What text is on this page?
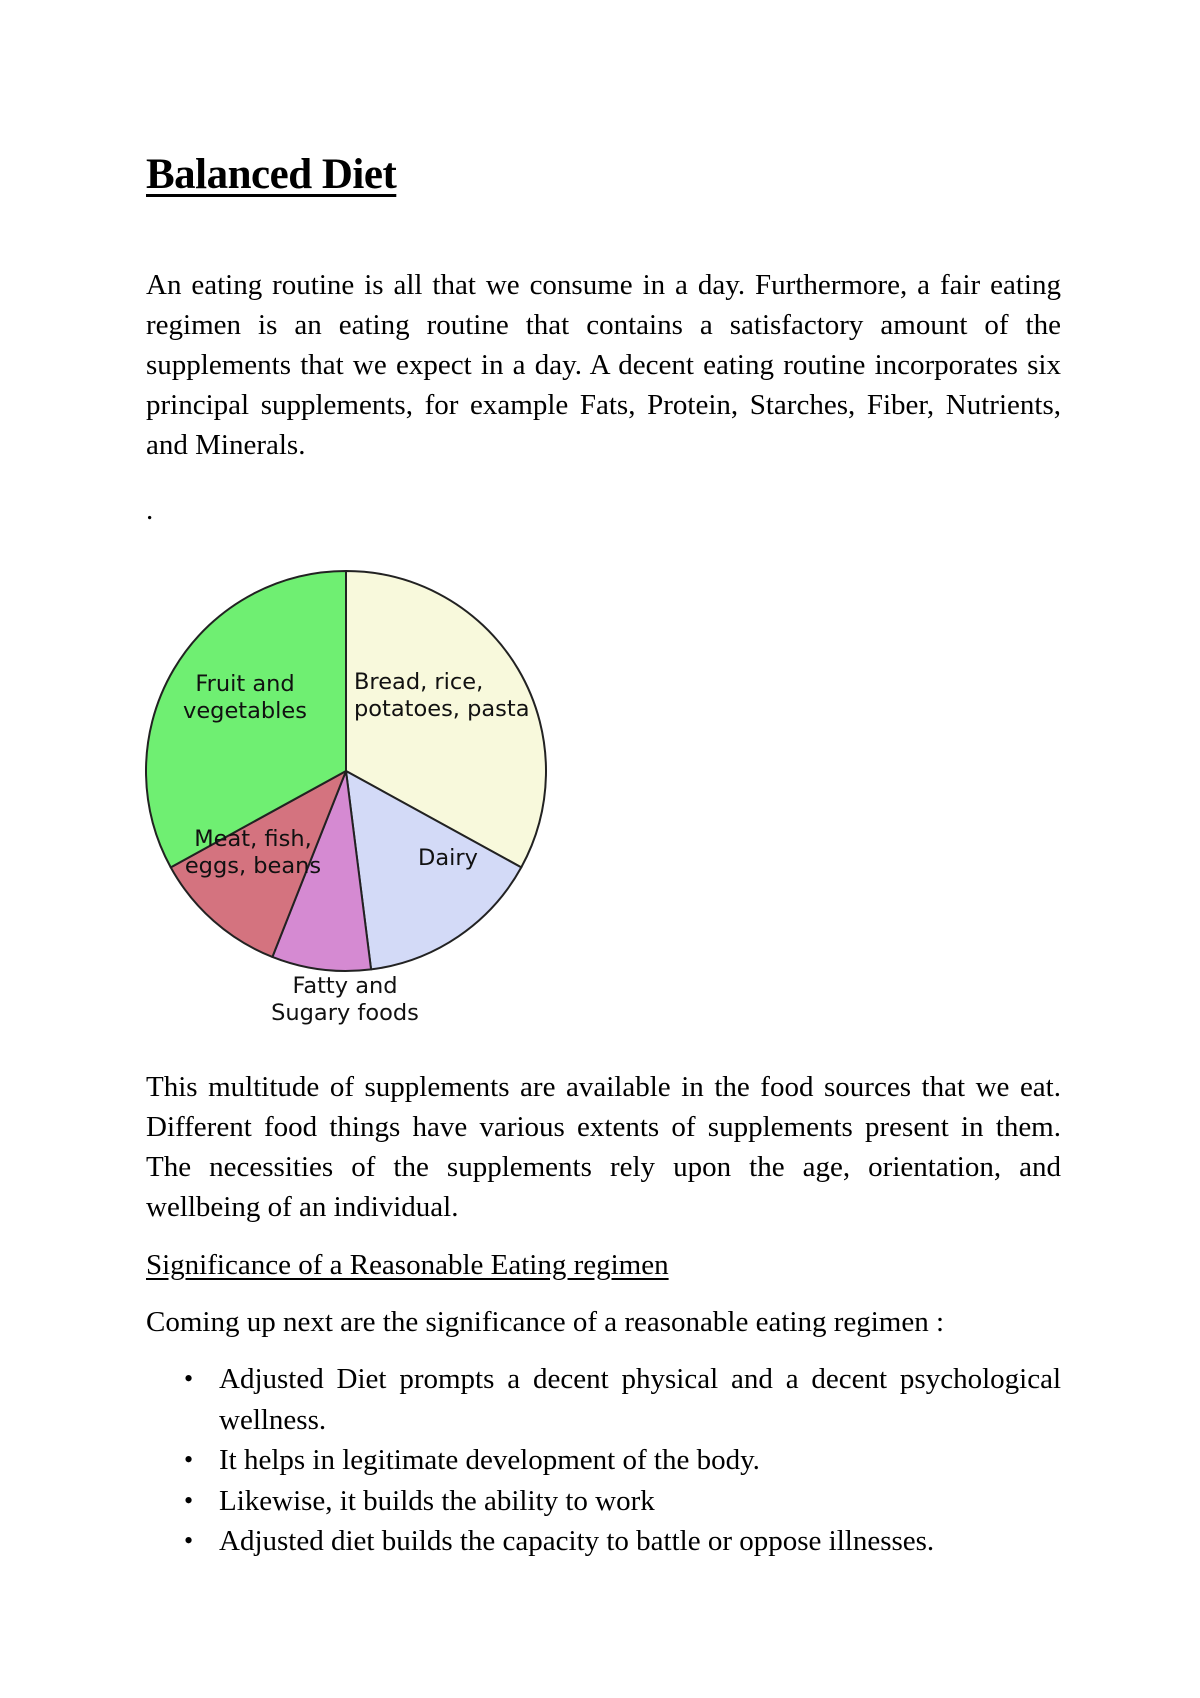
Balanced Diet

An eating routine is all that we consume in a day. Furthermore, a fair eating regimen is an eating routine that contains a satisfactory amount of the supplements that we expect in a day. A decent eating routine incorporates six principal supplements, for example Fats, Protein, Starches, Fiber, Nutrients, and Minerals.

.

Bread, rice, potatoes, pasta
Dairy
Fatty and Sugary foods
Meat, fish, eggs, beans
Fruit and vegetables

This multitude of supplements are available in the food sources that we eat. Different food things have various extents of supplements present in them. The necessities of the supplements rely upon the age, orientation, and wellbeing of an individual.

Significance of a Reasonable Eating regimen

Coming up next are the significance of a reasonable eating regimen :

• Adjusted Diet prompts a decent physical and a decent psychological wellness.
• It helps in legitimate development of the body.
• Likewise, it builds the ability to work
• Adjusted diet builds the capacity to battle or oppose illnesses.
